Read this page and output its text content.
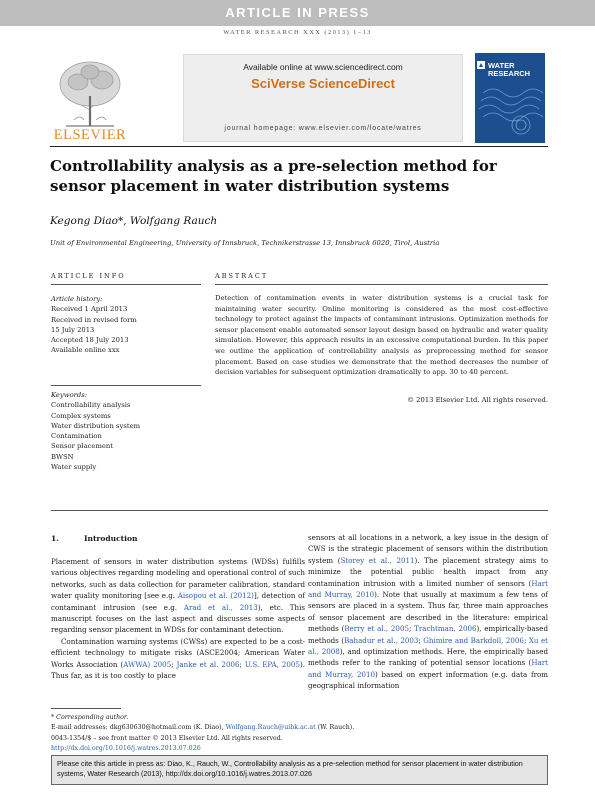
ARTICLE IN PRESS
WATER RESEARCH XXX (2013) 1–13
ELSEVIER
Available online at www.sciencedirect.com
SciVerse ScienceDirect
journal homepage: www.elsevier.com/locate/watres
WATER RESEARCH
Controllability analysis as a pre-selection method for sensor placement in water distribution systems
Kegong Diao*, Wolfgang Rauch
Unit of Environmental Engineering, University of Innsbruck, Technikerstrasse 13, Innsbruck 6020, Tirol, Austria
ARTICLE INFO
Article history:
Received 1 April 2013
Received in revised form
15 July 2013
Accepted 18 July 2013
Available online xxx
Keywords:
Controllability analysis
Complex systems
Water distribution system
Contamination
Sensor placement
BWSN
Water supply
ABSTRACT
Detection of contamination events in water distribution systems is a crucial task for maintaining water security. Online monitoring is considered as the most cost-effective technology to protect against the impacts of contaminant intrusions. Optimization methods for sensor placement enable automated sensor layout design based on hydraulic and water quality simulation. However, this approach results in an excessive computational burden. In this paper we outline the application of controllability analysis as preprocessing method for sensor placement. Based on case studies we demonstrate that the method decreases the number of decision variables for subsequent optimization dramatically to app. 30 to 40 percent.
© 2013 Elsevier Ltd. All rights reserved.
1.	Introduction

Placement of sensors in water distribution systems (WDSs) fulfills various objectives regarding modeling and operational control of such networks, such as data collection for parameter calibration, standard water quality monitoring [see e.g. Aisopou et al. (2012)], detection of contaminant intrusion (see e.g. Arad et al., 2013), etc. This manuscript focuses on the last aspect and discusses some aspects regarding sensor placement in WDSs for contaminant detection.

Contamination warning systems (CWSs) are expected to be a cost-efficient technology to mitigate risks (ASCE2004; American Water Works Association (AWWA) 2005; Janke et al. 2006; U.S. EPA, 2005). Thus far, as it is too costly to place

sensors at all locations in a network, a key issue in the design of CWS is the strategic placement of sensors within the distribution system (Storey et al., 2011). The placement strategy aims to minimize the potential public health impact from any contamination intrusion with a limited number of sensors (Hart and Murray, 2010). Note that usually at maximum a few tens of sensors are placed in a system. Thus far, three main approaches of sensor placement are described in the literature: empirical methods (Berry et al., 2005; Trachtman, 2006), empirically-based methods (Bahadur et al., 2003; Ghimire and Barkdoll, 2006; Xu et al., 2008), and optimization methods. Here, the empirically based methods refer to the ranking of potential sensor locations (Hart and Murray, 2010) based on expert information (e.g. data from geographical information

* Corresponding author.
E-mail addresses: dkg630630@hotmail.com (K. Diao), Wolfgang.Rauch@uibk.ac.at (W. Rauch).
0043-1354/$ – see front matter © 2013 Elsevier Ltd. All rights reserved.
http://dx.doi.org/10.1016/j.watres.2013.07.026
Please cite this article in press as: Diao, K., Rauch, W., Controllability analysis as a pre-selection method for sensor placement in water distribution systems, Water Research (2013), http://dx.doi.org/10.1016/j.watres.2013.07.026
